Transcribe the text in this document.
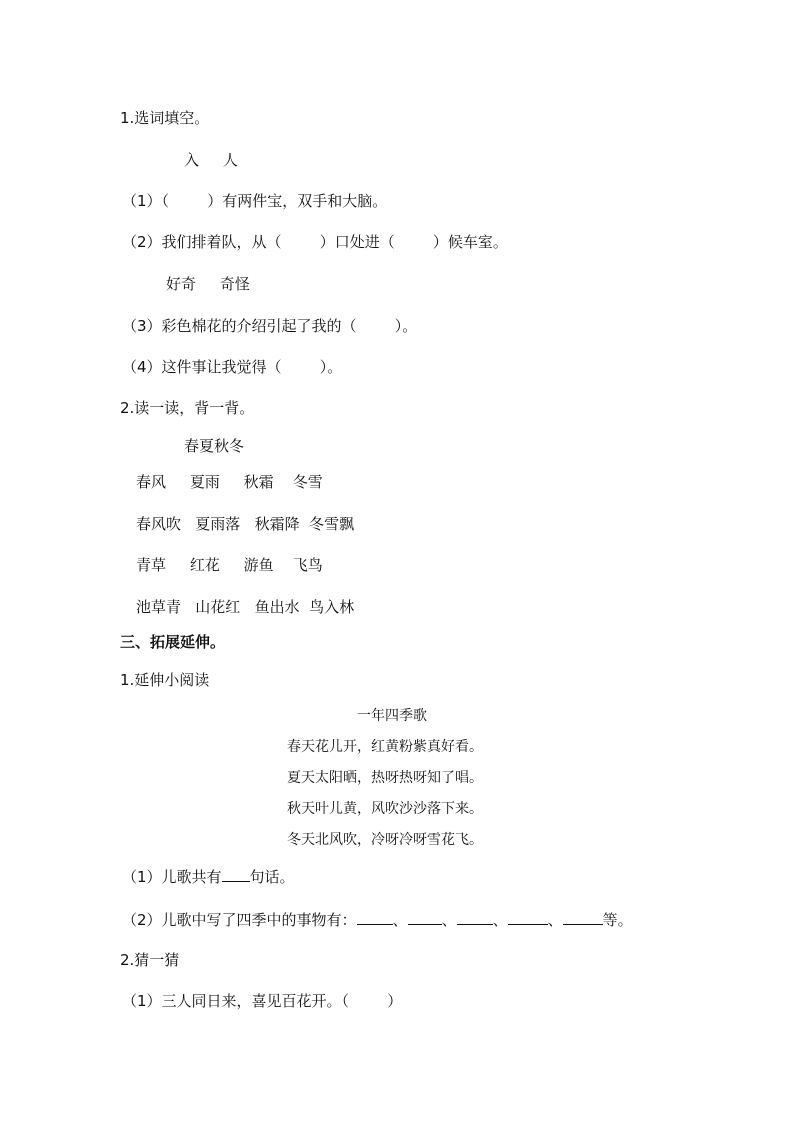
1.选词填空。
入     人
（1）（        ）有两件宝，双手和大脑。
（2）我们排着队，从（        ）口处进（        ）候车室。
好奇     奇怪
（3）彩色棉花的介绍引起了我的（        ）。
（4）这件事让我觉得（        ）。
2.读一读，背一背。
春夏秋冬
春风     夏雨     秋霜    冬雪
春风吹   夏雨落   秋霜降  冬雪飘
青草     红花     游鱼    飞鸟
池草青   山花红   鱼出水  鸟入林
三、拓展延伸。
1.延伸小阅读
一年四季歌
春天花儿开，红黄粉紫真好看。
夏天太阳晒，热呀热呀知了唱。
秋天叶儿黄，风吹沙沙落下来。
冬天北风吹，冷呀冷呀雪花飞。
（1）儿歌共有 句话。
（2）儿歌中写了四季中的事物有： 、 、 、	、	等。
2.猜一猜
（1）三人同日来，喜见百花开。（        ）
